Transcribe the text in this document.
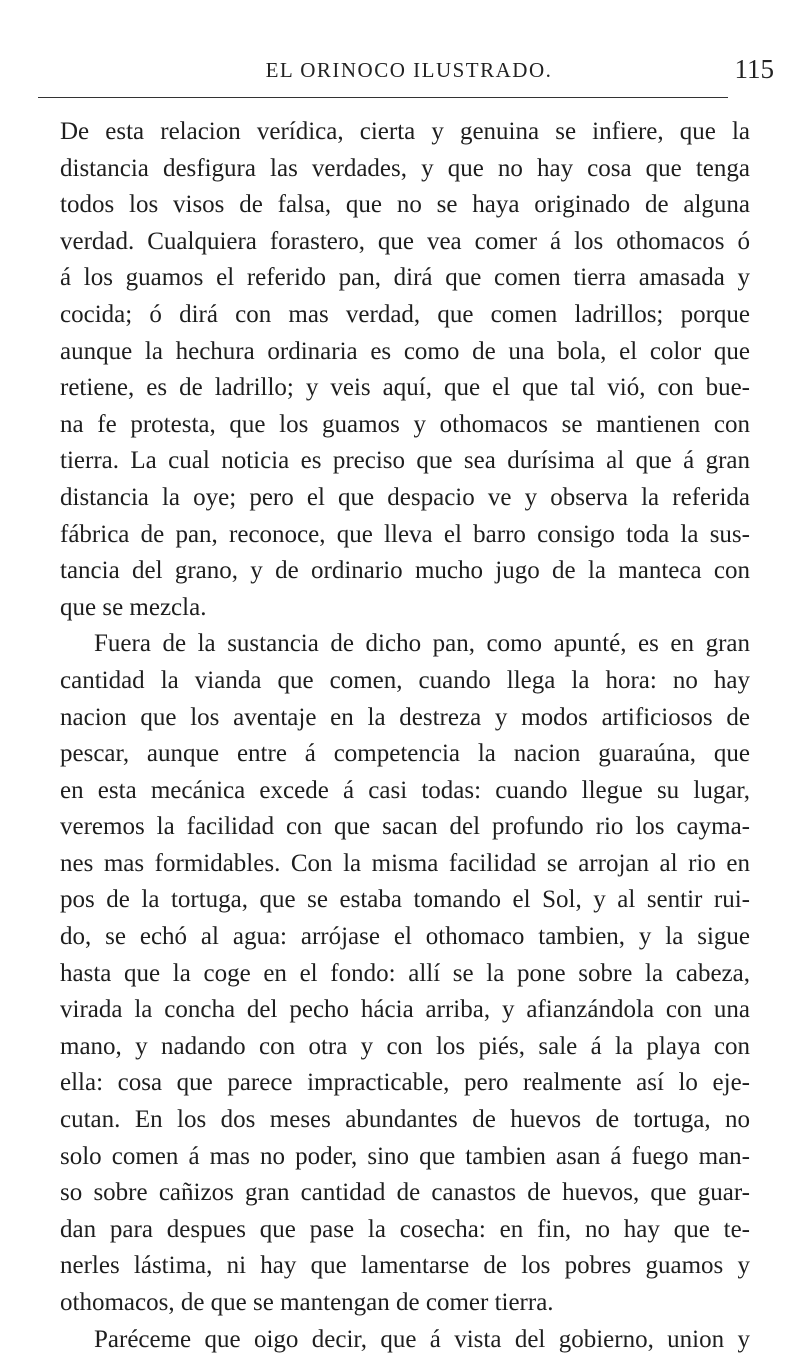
EL ORINOCO ILUSTRADO.	115
De esta relacion verídica, cierta y genuina se infiere, que la
distancia desfigura las verdades, y que no hay cosa que tenga
todos los visos de falsa, que no se haya originado de alguna
verdad. Cualquiera forastero, que vea comer á los othomacos ó
á los guamos el referido pan, dirá que comen tierra amasada y
cocida; ó dirá con mas verdad, que comen ladrillos; porque
aunque la hechura ordinaria es como de una bola, el color que
retiene, es de ladrillo; y veis aquí, que el que tal vió, con bue-
na fe protesta, que los guamos y othomacos se mantienen con
tierra. La cual noticia es preciso que sea durísima al que á gran
distancia la oye; pero el que despacio ve y observa la referida
fábrica de pan, reconoce, que lleva el barro consigo toda la sus-
tancia del grano, y de ordinario mucho jugo de la manteca con
que se mezcla.
Fuera de la sustancia de dicho pan, como apunté, es en gran
cantidad la vianda que comen, cuando llega la hora: no hay
nacion que los aventaje en la destreza y modos artificiosos de
pescar, aunque entre á competencia la nacion guaraúna, que
en esta mecánica excede á casi todas: cuando llegue su lugar,
veremos la facilidad con que sacan del profundo rio los cayma-
nes mas formidables. Con la misma facilidad se arrojan al rio en
pos de la tortuga, que se estaba tomando el Sol, y al sentir rui-
do, se echó al agua: arrójase el othomaco tambien, y la sigue
hasta que la coge en el fondo: allí se la pone sobre la cabeza,
virada la concha del pecho hácia arriba, y afianzándola con una
mano, y nadando con otra y con los piés, sale á la playa con
ella: cosa que parece impracticable, pero realmente así lo eje-
cutan. En los dos meses abundantes de huevos de tortuga, no
solo comen á mas no poder, sino que tambien asan á fuego man-
so sobre cañizos gran cantidad de canastos de huevos, que guar-
dan para despues que pase la cosecha: en fin, no hay que te-
nerles lástima, ni hay que lamentarse de los pobres guamos y
othomacos, de que se mantengan de comer tierra.
Paréceme que oigo decir, que á vista del gobierno, union y
